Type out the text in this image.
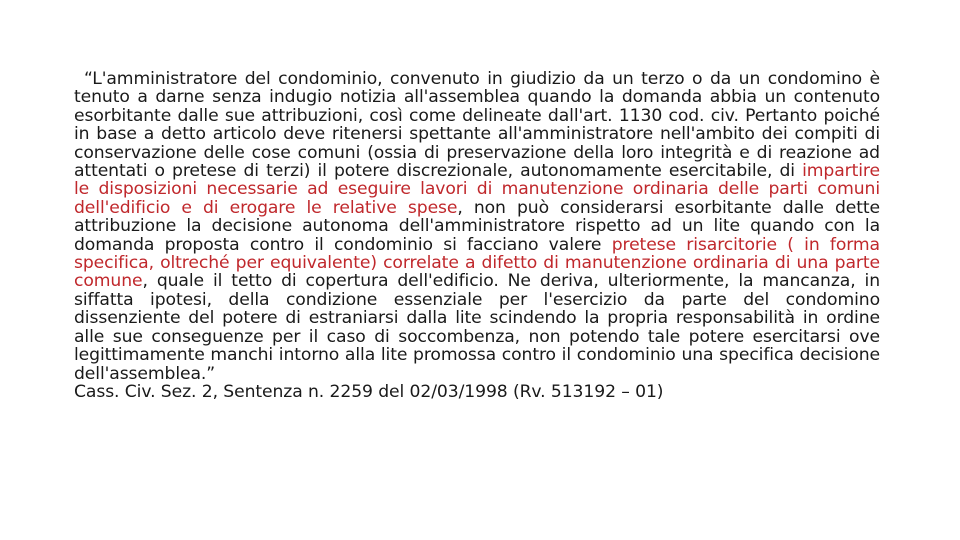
“L'amministratore del condominio, convenuto in giudizio da un terzo o da un condomino è tenuto a darne senza indugio notizia all'assemblea quando la domanda abbia un contenuto esorbitante dalle sue attribuzioni, così come delineate dall'art. 1130 cod. civ. Pertanto poiché in base a detto articolo deve ritenersi spettante all'amministratore nell'ambito dei compiti di conservazione delle cose comuni (ossia di preservazione della loro integrità e di reazione ad attentati o pretese di terzi) il potere discrezionale, autonomamente esercitabile, di impartire le disposizioni necessarie ad eseguire lavori di manutenzione ordinaria delle parti comuni dell'edificio e di erogare le relative spese, non può considerarsi esorbitante dalle dette attribuzione la decisione autonoma dell'amministratore rispetto ad un lite quando con la domanda proposta contro il condominio si facciano valere pretese risarcitorie ( in forma specifica, oltreché per equivalente) correlate a difetto di manutenzione ordinaria di una parte comune, quale il tetto di copertura dell'edificio. Ne deriva, ulteriormente, la mancanza, in siffatta ipotesi, della condizione essenziale per l'esercizio da parte del condomino dissenziente del potere di estraniarsi dalla lite scindendo la propria responsabilità in ordine alle sue conseguenze per il caso di soccombenza, non potendo tale potere esercitarsi ove legittimamente manchi intorno alla lite promossa contro il condominio una specifica decisione dell'assemblea.”
Cass. Civ. Sez. 2, Sentenza n. 2259 del 02/03/1998 (Rv. 513192 – 01)
